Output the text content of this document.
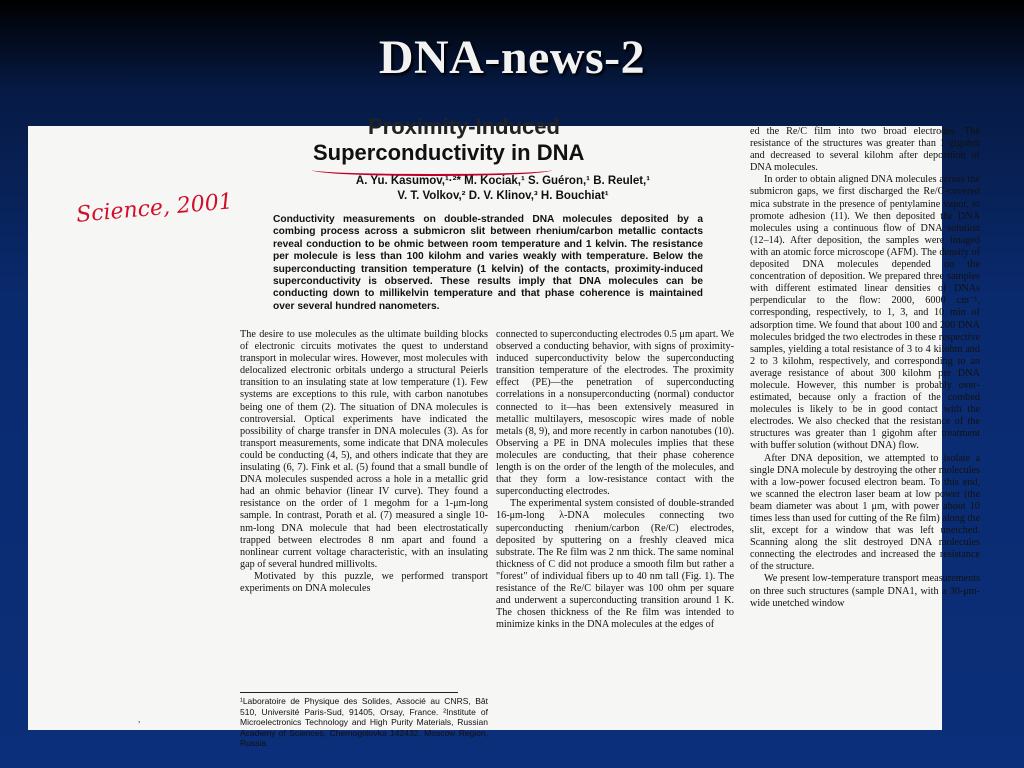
DNA-news-2
Proximity-Induced
Superconductivity in DNA
A. Yu. Kasumov,¹·²* M. Kociak,¹ S. Guéron,¹ B. Reulet,¹
V. T. Volkov,² D. V. Klinov,³ H. Bouchiat¹
Science, 2001	Conductivity measurements on double-stranded DNA molecules deposited by a combing process across a submicron slit between rhenium/carbon metallic contacts reveal conduction to be ohmic between room temperature and 1 kelvin. The resistance per molecule is less than 100 kilohm and varies weakly with temperature. Below the superconducting transition temperature (1 kelvin) of the contacts, proximity-induced superconductivity is observed. These results imply that DNA molecules can be conducting down to millikelvin temperature and that phase coherence is maintained over several hundred nanometers.

The desire to use molecules as the ultimate building blocks of electronic circuits motivates the quest to understand transport in molecular wires. However, most molecules with delocalized electronic orbitals undergo a structural Peierls transition to an insulating state at low temperature (1). Few systems are exceptions to this rule, with carbon nanotubes being one of them (2). The situation of DNA molecules is controversial. Optical experiments have indicated the possibility of charge transfer in DNA molecules (3). As for transport measurements, some indicate that DNA molecules could be conducting (4, 5), and others indicate that they are insulating (6, 7). Fink et al. (5) found that a small bundle of DNA molecules suspended across a hole in a metallic grid had an ohmic behavior (linear IV curve). They found a resistance on the order of 1 megohm for a 1-μm-long sample. In contrast, Porath et al. (7) measured a single 10-nm-long DNA molecule that had been electrostatically trapped between electrodes 8 nm apart and found a nonlinear current voltage characteristic, with an insulating gap of several hundred millivolts.

Motivated by this puzzle, we performed transport experiments on DNA molecules

¹Laboratoire de Physique des Solides, Associé au CNRS, Bât 510, Université Paris-Sud, 91405, Orsay, France. ²Institute of Microelectronics Technology and High Purity Materials, Russian Academy of Sciences, Chernogolovka 142432, Moscow Region, Russia.
,

connected to superconducting electrodes 0.5 μm apart. We observed a conducting behavior, with signs of proximity-induced superconductivity below the superconducting transition temperature of the electrodes. The proximity effect (PE)—the penetration of superconducting correlations in a nonsuperconducting (normal) conductor connected to it—has been extensively measured in metallic multilayers, mesoscopic wires made of noble metals (8, 9), and more recently in carbon nanotubes (10). Observing a PE in DNA molecules implies that these molecules are conducting, that their phase coherence length is on the order of the length of the molecules, and that they form a low-resistance contact with the superconducting electrodes.

The experimental system consisted of double-stranded 16-μm-long λ-DNA molecules connecting two superconducting rhenium/carbon (Re/C) electrodes, deposited by sputtering on a freshly cleaved mica substrate. The Re film was 2 nm thick. The same nominal thickness of C did not produce a smooth film but rather a "forest" of individual fibers up to 40 nm tall (Fig. 1). The resistance of the Re/C bilayer was 100 ohm per square and underwent a superconducting transition around 1 K. The chosen thickness of the Re film was intended to minimize kinks in the DNA molecules at the edges of

ed the Re/C film into two broad electrodes. The resistance of the structures was greater than 1 gigohm and decreased to several kilohm after deposition of DNA molecules.

In order to obtain aligned DNA molecules across the submicron gaps, we first discharged the Re/C-covered mica substrate in the presence of pentylamine vapor, to promote adhesion (11). We then deposited the DNA molecules using a continuous flow of DNA solution (12–14). After deposition, the samples were imaged with an atomic force microscope (AFM). The density of deposited DNA molecules depended on the concentration of deposition. We prepared three samples with different estimated linear densities of DNAs perpendicular to the flow: 2000, 6000 cm⁻¹, corresponding, respectively, to 1, 3, and 10 min of adsorption time. We found that about 100 and 200 DNA molecules bridged the two electrodes in these respective samples, yielding a total resistance of 3 to 4 kilohm and 2 to 3 kilohm, respectively, and corresponding to an average resistance of about 300 kilohm per DNA molecule. However, this number is probably over-estimated, because only a fraction of the combed molecules is likely to be in good contact with the electrodes. We also checked that the resistance of the structures was greater than 1 gigohm after treatment with buffer solution (without DNA) flow.

After DNA deposition, we attempted to isolate a single DNA molecule by destroying the other molecules with a low-power focused electron beam. To this end, we scanned the electron laser beam at low power (the beam diameter was about 1 μm, with power about 10 times less than used for cutting of the Re film) along the slit, except for a window that was left unetched. Scanning along the slit destroyed DNA molecules connecting the electrodes and increased the resistance of the structure.

We present low-temperature transport measurements on three such structures (sample DNA1, with a 30-μm-wide unetched window
